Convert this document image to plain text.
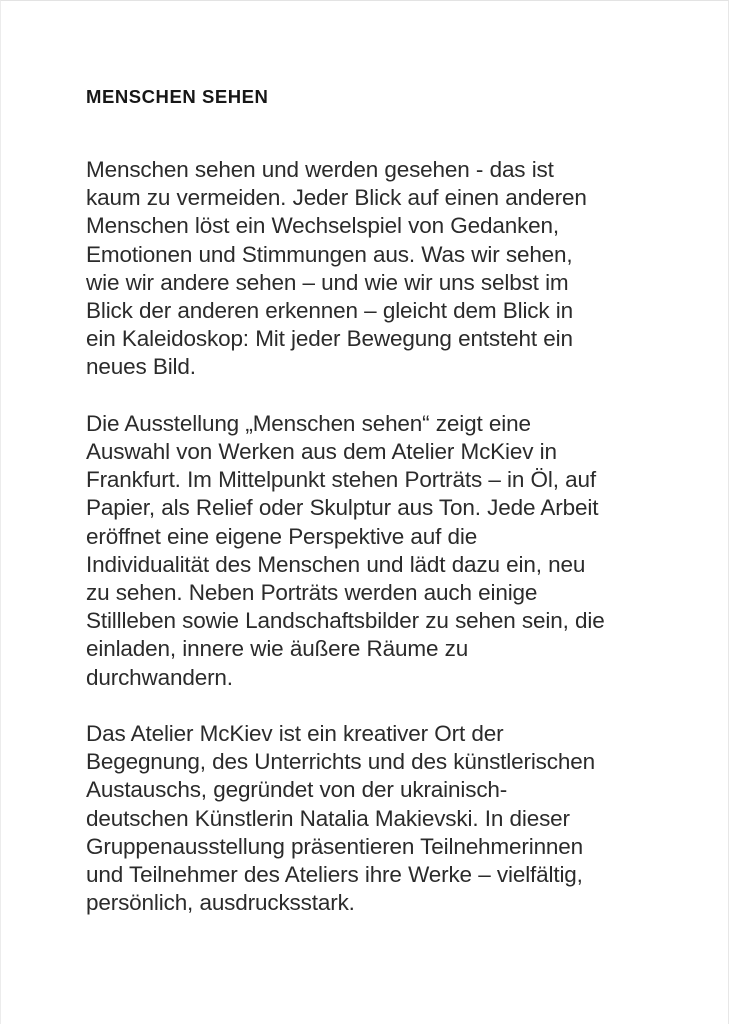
MENSCHEN SEHEN

Menschen sehen und werden gesehen - das ist
kaum zu vermeiden. Jeder Blick auf einen anderen
Menschen löst ein Wechselspiel von Gedanken,
Emotionen und Stimmungen aus. Was wir sehen,
wie wir andere sehen – und wie wir uns selbst im
Blick der anderen erkennen – gleicht dem Blick in
ein Kaleidoskop: Mit jeder Bewegung entsteht ein
neues Bild.

Die Ausstellung „Menschen sehen“ zeigt eine
Auswahl von Werken aus dem Atelier McKiev in
Frankfurt. Im Mittelpunkt stehen Porträts – in Öl, auf
Papier, als Relief oder Skulptur aus Ton. Jede Arbeit
eröffnet eine eigene Perspektive auf die
Individualität des Menschen und lädt dazu ein, neu
zu sehen. Neben Porträts werden auch einige
Stillleben sowie Landschaftsbilder zu sehen sein, die
einladen, innere wie äußere Räume zu
durchwandern.

Das Atelier McKiev ist ein kreativer Ort der
Begegnung, des Unterrichts und des künstlerischen
Austauschs, gegründet von der ukrainisch-
deutschen Künstlerin Natalia Makievski. In dieser
Gruppenausstellung präsentieren Teilnehmerinnen
und Teilnehmer des Ateliers ihre Werke – vielfältig,
persönlich, ausdrucksstark.
